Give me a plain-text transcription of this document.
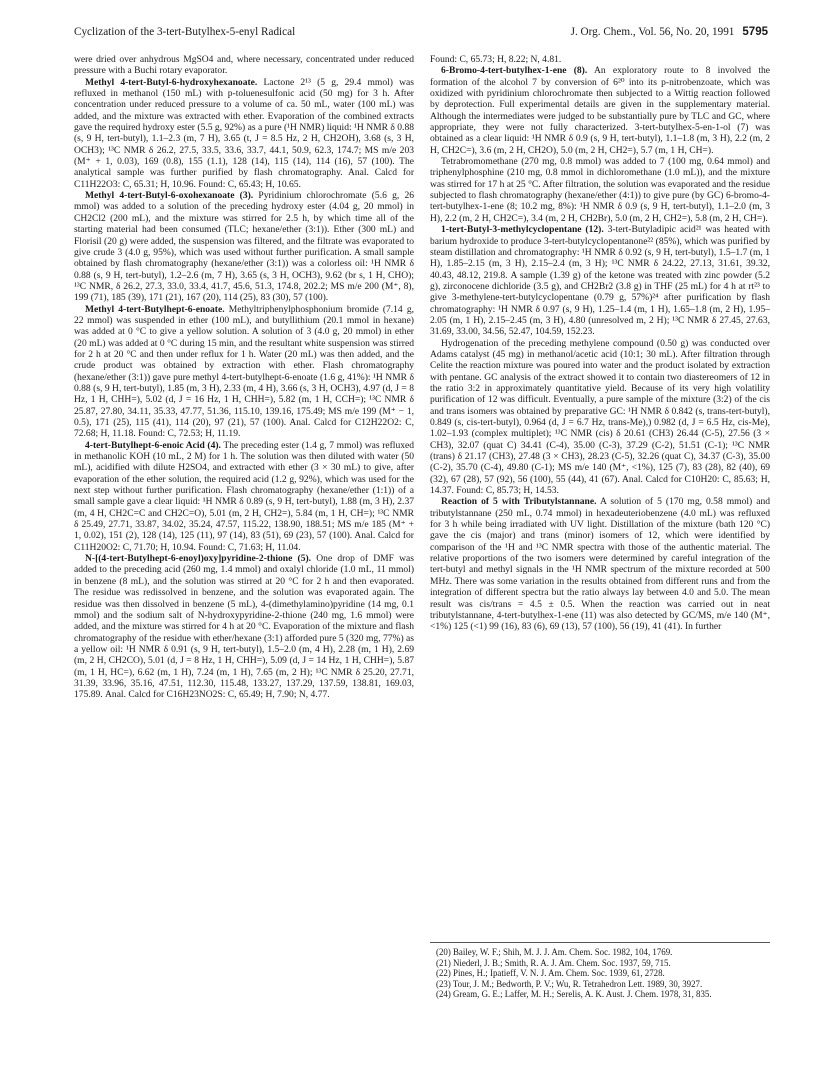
Cyclization of the 3-tert-Butylhex-5-enyl Radical	J. Org. Chem., Vol. 56, No. 20, 1991 5795

were dried over anhydrous MgSO4 and, where necessary, concentrated under reduced pressure with a Buchi rotary evaporator.

Methyl 4-tert-Butyl-6-hydroxyhexanoate. Lactone 2¹³ (5 g, 29.4 mmol) was refluxed in methanol (150 mL) with p-toluenesulfonic acid (50 mg) for 3 h. After concentration under reduced pressure to a volume of ca. 50 mL, water (100 mL) was added, and the mixture was extracted with ether. Evaporation of the combined extracts gave the required hydroxy ester (5.5 g, 92%) as a pure (¹H NMR) liquid: ¹H NMR δ 0.88 (s, 9 H, tert-butyl), 1.1–2.3 (m, 7 H), 3.65 (t, J = 8.5 Hz, 2 H, CH2OH), 3.68 (s, 3 H, OCH3); ¹³C NMR δ 26.2, 27.5, 33.5, 33.6, 33.7, 44.1, 50.9, 62.3, 174.7; MS m/e 203 (M⁺ + 1, 0.03), 169 (0.8), 155 (1.1), 128 (14), 115 (14), 114 (16), 57 (100). The analytical sample was further purified by flash chromatography. Anal. Calcd for C11H22O3: C, 65.31; H, 10.96. Found: C, 65.43; H, 10.65.

Methyl 4-tert-Butyl-6-oxohexanoate (3). Pyridinium chlorochromate (5.6 g, 26 mmol) was added to a solution of the preceding hydroxy ester (4.04 g, 20 mmol) in CH2Cl2 (200 mL), and the mixture was stirred for 2.5 h, by which time all of the starting material had been consumed (TLC; hexane/ether (3:1)). Ether (300 mL) and Florisil (20 g) were added, the suspension was filtered, and the filtrate was evaporated to give crude 3 (4.0 g, 95%), which was used without further purification. A small sample obtained by flash chromatography (hexane/ether (3:1)) was a colorless oil: ¹H NMR δ 0.88 (s, 9 H, tert-butyl), 1.2–2.6 (m, 7 H), 3.65 (s, 3 H, OCH3), 9.62 (br s, 1 H, CHO); ¹³C NMR, δ 26.2, 27.3, 33.0, 33.4, 41.7, 45.6, 51.3, 174.8, 202.2; MS m/e 200 (M⁺, 8), 199 (71), 185 (39), 171 (21), 167 (20), 114 (25), 83 (30), 57 (100).

Methyl 4-tert-Butylhept-6-enoate. Methyltriphenylphosphonium bromide (7.14 g, 22 mmol) was suspended in ether (100 mL), and butyllithium (20.1 mmol in hexane) was added at 0 °C to give a yellow solution. A solution of 3 (4.0 g, 20 mmol) in ether (20 mL) was added at 0 °C during 15 min, and the resultant white suspension was stirred for 2 h at 20 °C and then under reflux for 1 h. Water (20 mL) was then added, and the crude product was obtained by extraction with ether. Flash chromatography (hexane/ether (3:1)) gave pure methyl 4-tert-butylhept-6-enoate (1.6 g, 41%): ¹H NMR δ 0.88 (s, 9 H, tert-butyl), 1.85 (m, 3 H), 2.33 (m, 4 H), 3.66 (s, 3 H, OCH3), 4.97 (d, J = 8 Hz, 1 H, CHH=), 5.02 (d, J = 16 Hz, 1 H, CHH=), 5.82 (m, 1 H, CCH=); ¹³C NMR δ 25.87, 27.80, 34.11, 35.33, 47.77, 51.36, 115.10, 139.16, 175.49; MS m/e 199 (M⁺ − 1, 0.5), 171 (25), 115 (41), 114 (20), 97 (21), 57 (100). Anal. Calcd for C12H22O2: C, 72.68; H, 11.18. Found: C, 72.53; H, 11.19.

4-tert-Butylhept-6-enoic Acid (4). The preceding ester (1.4 g, 7 mmol) was refluxed in methanolic KOH (10 mL, 2 M) for 1 h. The solution was then diluted with water (50 mL), acidified with dilute H2SO4, and extracted with ether (3 × 30 mL) to give, after evaporation of the ether solution, the required acid (1.2 g, 92%), which was used for the next step without further purification. Flash chromatography (hexane/ether (1:1)) of a small sample gave a clear liquid: ¹H NMR δ 0.89 (s, 9 H, tert-butyl), 1.88 (m, 3 H), 2.37 (m, 4 H, CH2C=C and CH2C=O), 5.01 (m, 2 H, CH2=), 5.84 (m, 1 H, CH=); ¹³C NMR δ 25.49, 27.71, 33.87, 34.02, 35.24, 47.57, 115.22, 138.90, 188.51; MS m/e 185 (M⁺ + 1, 0.02), 151 (2), 128 (14), 125 (11), 97 (14), 83 (51), 69 (23), 57 (100). Anal. Calcd for C11H20O2: C, 71.70; H, 10.94. Found: C, 71.63; H, 11.04.

N-[(4-tert-Butylhept-6-enoyl)oxy]pyridine-2-thione (5). One drop of DMF was added to the preceding acid (260 mg, 1.4 mmol) and oxalyl chloride (1.0 mL, 11 mmol) in benzene (8 mL), and the solution was stirred at 20 °C for 2 h and then evaporated. The residue was redissolved in benzene, and the solution was evaporated again. The residue was then dissolved in benzene (5 mL), 4-(dimethylamino)pyridine (14 mg, 0.1 mmol) and the sodium salt of N-hydroxypyridine-2-thione (240 mg, 1.6 mmol) were added, and the mixture was stirred for 4 h at 20 °C. Evaporation of the mixture and flash chromatography of the residue with ether/hexane (3:1) afforded pure 5 (320 mg, 77%) as a yellow oil: ¹H NMR δ 0.91 (s, 9 H, tert-butyl), 1.5–2.0 (m, 4 H), 2.28 (m, 1 H), 2.69 (m, 2 H, CH2CO), 5.01 (d, J = 8 Hz, 1 H, CHH=), 5.09 (d, J = 14 Hz, 1 H, CHH=), 5.87 (m, 1 H, HC=), 6.62 (m, 1 H), 7.24 (m, 1 H), 7.65 (m, 2 H); ¹³C NMR δ 25.20, 27.71, 31.39, 33.96, 35.16, 47.51, 112.30, 115.48, 133.27, 137.29, 137.59, 138.81, 169.03, 175.89. Anal. Calcd for C16H23NO2S: C, 65.49; H, 7.90; N, 4.77.

Found: C, 65.73; H, 8.22; N, 4.81.

6-Bromo-4-tert-butylhex-1-ene (8). An exploratory route to 8 involved the formation of the alcohol 7 by conversion of 6²⁰ into its p-nitrobenzoate, which was oxidized with pyridinium chlorochromate then subjected to a Wittig reaction followed by deprotection. Full experimental details are given in the supplementary material. Although the intermediates were judged to be substantially pure by TLC and GC, where appropriate, they were not fully characterized. 3-tert-butylhex-5-en-1-ol (7) was obtained as a clear liquid: ¹H NMR δ 0.9 (s, 9 H, tert-butyl), 1.1–1.8 (m, 3 H), 2.2 (m, 2 H, CH2C=), 3.6 (m, 2 H, CH2O), 5.0 (m, 2 H, CH2=), 5.7 (m, 1 H, CH=).

Tetrabromomethane (270 mg, 0.8 mmol) was added to 7 (100 mg, 0.64 mmol) and triphenylphosphine (210 mg, 0.8 mmol in dichloromethane (1.0 mL)), and the mixture was stirred for 17 h at 25 °C. After filtration, the solution was evaporated and the residue subjected to flash chromatography (hexane/ether (4:1)) to give pure (by GC) 6-bromo-4-tert-butylhex-1-ene (8; 10.2 mg, 8%): ¹H NMR δ 0.9 (s, 9 H, tert-butyl), 1.1–2.0 (m, 3 H), 2.2 (m, 2 H, CH2C=), 3.4 (m, 2 H, CH2Br), 5.0 (m, 2 H, CH2=), 5.8 (m, 2 H, CH=).

1-tert-Butyl-3-methylcyclopentane (12). 3-tert-Butyladipic acid²¹ was heated with barium hydroxide to produce 3-tert-butylcyclopentanone²² (85%), which was purified by steam distillation and chromatography: ¹H NMR δ 0.92 (s, 9 H, tert-butyl), 1.5–1.7 (m, 1 H), 1.85–2.15 (m, 3 H), 2.15–2.4 (m, 3 H); ¹³C NMR δ 24.22, 27.13, 31.61, 39.32, 40.43, 48.12, 219.8. A sample (1.39 g) of the ketone was treated with zinc powder (5.2 g), zirconocene dichloride (3.5 g), and CH2Br2 (3.8 g) in THF (25 mL) for 4 h at rt²³ to give 3-methylene-tert-butylcyclopentane (0.79 g, 57%)²⁴ after purification by flash chromatography: ¹H NMR δ 0.97 (s, 9 H), 1.25–1.4 (m, 1 H), 1.65–1.8 (m, 2 H), 1.95–2.05 (m, 1 H), 2.15–2.45 (m, 3 H), 4.80 (unresolved m, 2 H); ¹³C NMR δ 27.45, 27.63, 31.69, 33.00, 34.56, 52.47, 104.59, 152.23.

Hydrogenation of the preceding methylene compound (0.50 g) was conducted over Adams catalyst (45 mg) in methanol/acetic acid (10:1; 30 mL). After filtration through Celite the reaction mixture was poured into water and the product isolated by extraction with pentane. GC analysis of the extract showed it to contain two diastereomers of 12 in the ratio 3:2 in approximately quantitative yield. Because of its very high volatility purification of 12 was difficult. Eventually, a pure sample of the mixture (3:2) of the cis and trans isomers was obtained by preparative GC: ¹H NMR δ 0.842 (s, trans-tert-butyl), 0.849 (s, cis-tert-butyl), 0.964 (d, J = 6.7 Hz, trans-Me),) 0.982 (d, J = 6.5 Hz, cis-Me), 1.02–1.93 (complex multiplet); ¹³C NMR (cis) δ 20.61 (CH3) 26.44 (C-5), 27.56 (3 × CH3), 32.07 (quat C) 34.41 (C-4), 35.00 (C-3), 37.29 (C-2), 51.51 (C-1); ¹³C NMR (trans) δ 21.17 (CH3), 27.48 (3 × CH3), 28.23 (C-5), 32.26 (quat C), 34.37 (C-3), 35.00 (C-2), 35.70 (C-4), 49.80 (C-1); MS m/e 140 (M⁺, <1%), 125 (7), 83 (28), 82 (40), 69 (32), 67 (28), 57 (92), 56 (100), 55 (44), 41 (67). Anal. Calcd for C10H20: C, 85.63; H, 14.37. Found: C, 85.73; H, 14.53.

Reaction of 5 with Tributylstannane. A solution of 5 (170 mg, 0.58 mmol) and tributylstannane (250 mL, 0.74 mmol) in hexadeuteriobenzene (4.0 mL) was refluxed for 3 h while being irradiated with UV light. Distillation of the mixture (bath 120 °C) gave the cis (major) and trans (minor) isomers of 12, which were identified by comparison of the ¹H and ¹³C NMR spectra with those of the authentic material. The relative proportions of the two isomers were determined by careful integration of the tert-butyl and methyl signals in the ¹H NMR spectrum of the mixture recorded at 500 MHz. There was some variation in the results obtained from different runs and from the integration of different spectra but the ratio always lay between 4.0 and 5.0. The mean result was cis/trans = 4.5 ± 0.5. When the reaction was carried out in neat tributylstannane, 4-tert-butylhex-1-ene (11) was also detected by GC/MS, m/e 140 (M⁺, <1%) 125 (<1) 99 (16), 83 (6), 69 (13), 57 (100), 56 (19), 41 (41). In further

(20) Bailey, W. F.; Shih, M. J. J. Am. Chem. Soc. 1982, 104, 1769.
(21) Niederl, J. B.; Smith, R. A. J. Am. Chem. Soc. 1937, 59, 715.
(22) Pines, H.; Ipatieff, V. N. J. Am. Chem. Soc. 1939, 61, 2728.
(23) Tour, J. M.; Bedworth, P. V.; Wu, R. Tetrahedron Lett. 1989, 30, 3927.
(24) Gream, G. E.; Laffer, M. H.; Serelis, A. K. Aust. J. Chem. 1978, 31, 835.
